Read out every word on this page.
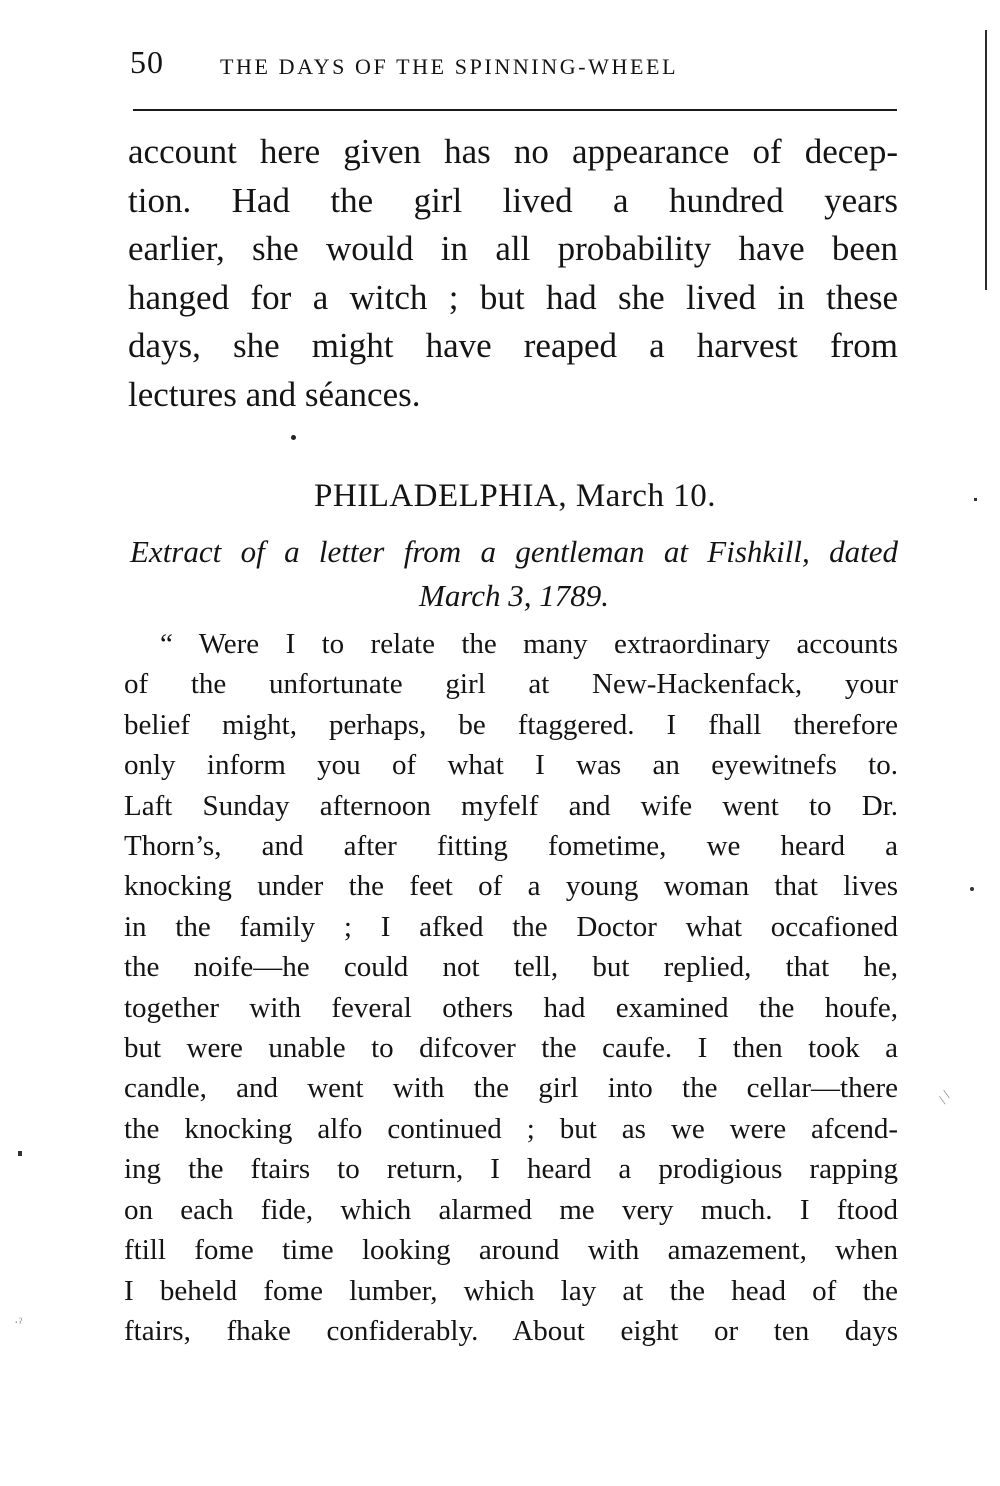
50	THE DAYS OF THE SPINNING-WHEEL
account here given has no appearance of decep-
tion. Had the girl lived a hundred years
earlier, she would in all probability have been
hanged for a witch ; but had she lived in these
days, she might have reaped a harvest from
lectures and séances.
PHILADELPHIA, March 10.
Extract of a letter from a gentleman at Fishkill, dated
March 3, 1789.
“ Were I to relate the many extraordinary accounts
of the unfortunate girl at New-Hackenfack, your
belief might, perhaps, be ftaggered. I fhall therefore
only inform you of what I was an eyewitnefs to.
Laft Sunday afternoon myfelf and wife went to Dr.
Thorn’s, and after fitting fometime, we heard a
knocking under the feet of a young woman that lives
in the family ; I afked the Doctor what occafioned
the noife—he could not tell, but replied, that he,
together with feveral others had examined the houfe,
but were unable to difcover the caufe. I then took a
candle, and went with the girl into the cellar—there
the knocking alfo continued ; but as we were afcend-
ing the ftairs to return, I heard a prodigious rapping
on each fide, which alarmed me very much. I ftood
ftill fome time looking around with amazement, when
I beheld fome lumber, which lay at the head of the
ftairs, fhake confiderably. About eight or ten days
/ /
·ˀ
